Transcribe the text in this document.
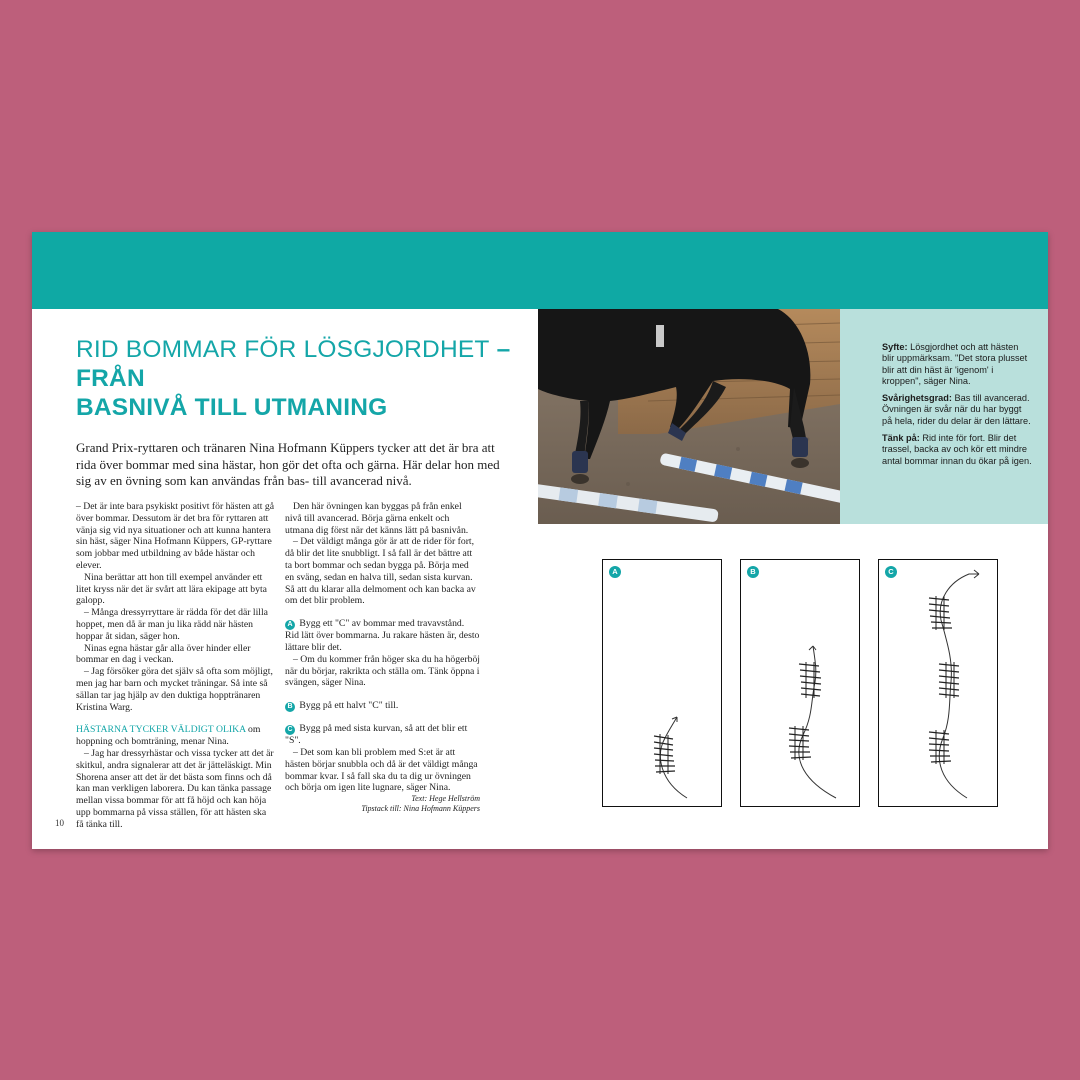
RID BOMMAR FÖR LÖSGJORDHET – FRÅN
BASNIVÅ TILL UTMANING
Grand Prix-ryttaren och tränaren Nina Hofmann Küppers tycker att det är bra att rida över bommar med sina hästar, hon gör det ofta och gärna. Här delar hon med sig av en övning som kan användas från bas- till avancerad nivå.

– Det är inte bara psykiskt positivt för hästen att gå över bommar. Dessutom är det bra för ryttaren att vänja sig vid nya situationer och att kunna hantera sin häst, säger Nina Hofmann Küppers, GP-ryttare som jobbar med utbildning av både hästar och elever.

Nina berättar att hon till exempel använder ett litet kryss när det är svårt att lära ekipage att byta galopp.

– Många dressyrryttare är rädda för det där lilla hoppet, men då är man ju lika rädd när hästen hoppar åt sidan, säger hon.

Ninas egna hästar går alla över hinder eller bommar en dag i veckan.

– Jag försöker göra det själv så ofta som möjligt, men jag har barn och mycket träningar. Så inte så sällan tar jag hjälp av den duktiga hopptränaren Kristina Warg.

HÄSTARNA TYCKER VÄLDIGT OLIKA om hoppning och bomträning, menar Nina.

– Jag har dressyrhästar och vissa tycker att det är skitkul, andra signalerar att det är jätteläskigt. Min Shorena anser att det är det bästa som finns och då kan man verkligen laborera. Du kan tänka passage mellan vissa bommar för att få höjd och kan höja upp bommarna på vissa ställen, för att hästen ska få tänka till.

Den här övningen kan byggas på från enkel nivå till avancerad. Börja gärna enkelt och utmana dig först när det känns lätt på basnivån.

– Det väldigt många gör är att de rider för fort, då blir det lite snubbligt. I så fall är det bättre att ta bort bommar och sedan bygga på. Börja med en sväng, sedan en halva till, sedan sista kurvan. Så att du klarar alla delmoment och kan backa av om det blir problem.

A Bygg ett "C" av bommar med travavstånd. Rid lätt över bommarna. Ju rakare hästen är, desto lättare blir det.

– Om du kommer från höger ska du ha högerböj när du börjar, rakrikta och ställa om. Tänk öppna i svängen, säger Nina.

B Bygg på ett halvt "C" till.

C Bygg på med sista kurvan, så att det blir ett "S".

– Det som kan bli problem med S:et är att hästen börjar snubbla och då är det väldigt många bommar kvar. I så fall ska du ta dig ur övningen och börja om igen lite lugnare, säger Nina.

Text: Hege Hellström
Tipstack till: Nina Hofmann Küppers

10

Syfte: Lösgjordhet och att hästen blir uppmärksam. "Det stora plusset blir att din häst är 'igenom' i kroppen", säger Nina.

Svårighetsgrad: Bas till avancerad. Övningen är svår när du har byggt på hela, rider du delar är den lättare.

Tänk på: Rid inte för fort. Blir det trassel, backa av och kör ett mindre antal bommar innan du ökar på igen.

A	B	C
